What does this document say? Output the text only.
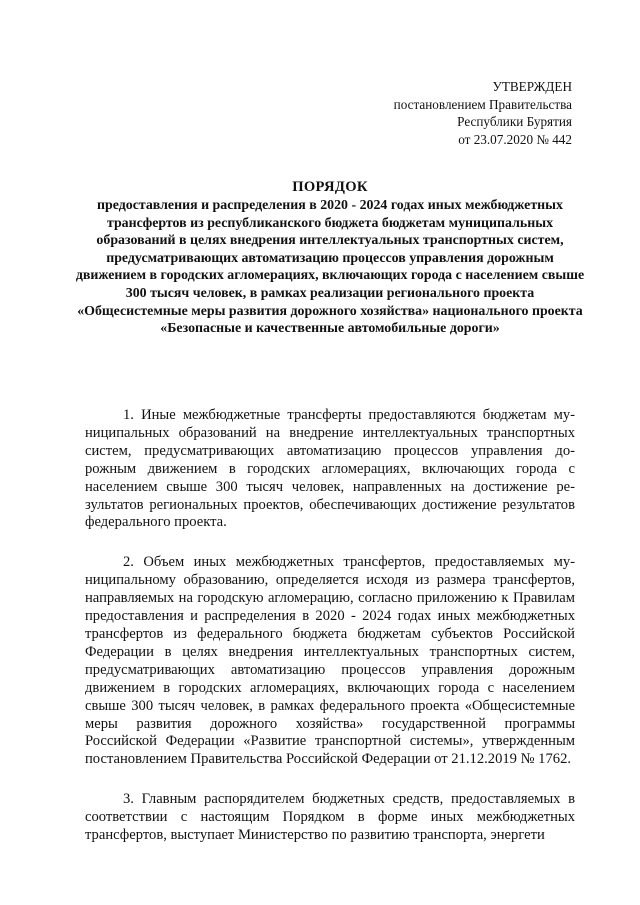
УТВЕРЖДЕН
постановлением Правительства
Республики Бурятия
от 23.07.2020 № 442
ПОРЯДОК
предоставления и распределения в 2020 - 2024 годах иных межбюджетных трансфертов из республиканского бюджета бюджетам муниципальных образований в целях внедрения интеллектуальных транспортных систем, предусматривающих автоматизацию процессов управления дорожным движением в городских агломерациях, включающих города с населением свыше 300 тысяч человек, в рамках реализации регионального проекта «Общесистемные меры развития дорожного хозяйства» национального проекта «Безопасные и качественные автомобильные дороги»

1. Иные межбюджетные трансферты предоставляются бюджетам муниципальных образований на внедрение интеллектуальных транспортных систем, предусматривающих автоматизацию процессов управления дорожным движением в городских агломерациях, включающих города с населением свыше 300 тысяч человек, направленных на достижение результатов региональных проектов, обеспечивающих достижение результатов федерального проекта.

2. Объем иных межбюджетных трансфертов, предоставляемых муниципальному образованию, определяется исходя из размера трансфертов, направляемых на городскую агломерацию, согласно приложению к Правилам предоставления и распределения в 2020 - 2024 годах иных межбюджетных трансфертов из федерального бюджета бюджетам субъектов Российской Федерации в целях внедрения интеллектуальных транспортных систем, предусматривающих автоматизацию процессов управления дорожным движением в городских агломерациях, включающих города с населением свыше 300 тысяч человек, в рамках федерального проекта «Общесистемные меры развития дорожного хозяйства» государственной программы Российской Федерации «Развитие транспортной системы», утвержденным постановлением Правительства Российской Федерации от 21.12.2019 № 1762.

3. Главным распорядителем бюджетных средств, предоставляемых в соответствии с настоящим Порядком в форме иных межбюджетных трансфертов, выступает Министерство по развитию транспорта, энергети
